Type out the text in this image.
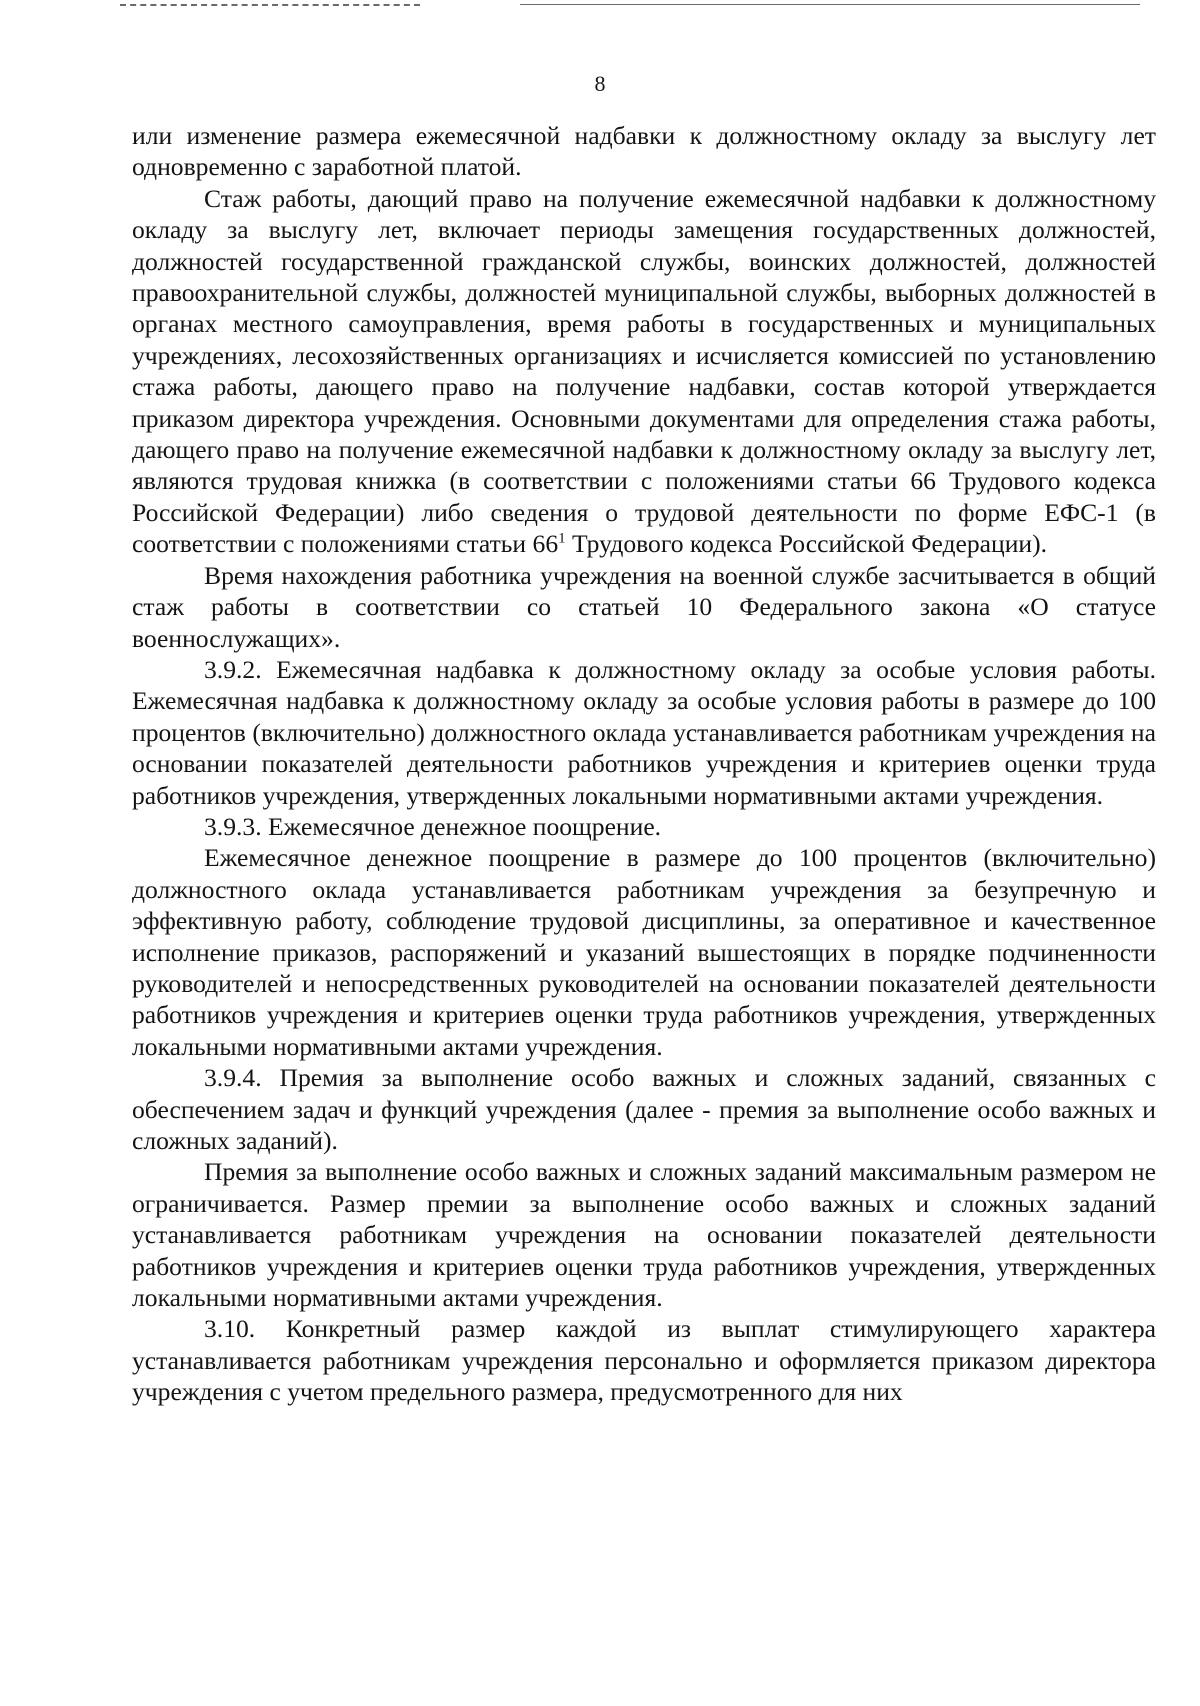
8

или изменение размера ежемесячной надбавки к должностному окладу за выслугу лет одновременно с заработной платой.

Стаж работы, дающий право на получение ежемесячной надбавки к должностному окладу за выслугу лет, включает периоды замещения государственных должностей, должностей государственной гражданской службы, воинских должностей, должностей правоохранительной службы, должностей муниципальной службы, выборных должностей в органах местного самоуправления, время работы в государственных и муниципальных учреждениях, лесохозяйственных организациях и исчисляется комиссией по установлению стажа работы, дающего право на получение надбавки, состав которой утверждается приказом директора учреждения. Основными документами для определения стажа работы, дающего право на получение ежемесячной надбавки к должностному окладу за выслугу лет, являются трудовая книжка (в соответствии с положениями статьи 66 Трудового кодекса Российской Федерации) либо сведения о трудовой деятельности по форме ЕФС-1 (в соответствии с положениями статьи $66^1$ Трудового кодекса Российской Федерации).

Время нахождения работника учреждения на военной службе засчитывается в общий стаж работы в соответствии со статьей 10 Федерального закона «О статусе военнослужащих».

3.9.2. Ежемесячная надбавка к должностному окладу за особые условия работы. Ежемесячная надбавка к должностному окладу за особые условия работы в размере до 100 процентов (включительно) должностного оклада устанавливается работникам учреждения на основании показателей деятельности работников учреждения и критериев оценки труда работников учреждения, утвержденных локальными нормативными актами учреждения.

3.9.3. Ежемесячное денежное поощрение.

Ежемесячное денежное поощрение в размере до 100 процентов (включительно) должностного оклада устанавливается работникам учреждения за безупречную и эффективную работу, соблюдение трудовой дисциплины, за оперативное и качественное исполнение приказов, распоряжений и указаний вышестоящих в порядке подчиненности руководителей и непосредственных руководителей на основании показателей деятельности работников учреждения и критериев оценки труда работников учреждения, утвержденных локальными нормативными актами учреждения.

3.9.4. Премия за выполнение особо важных и сложных заданий, связанных с обеспечением задач и функций учреждения (далее - премия за выполнение особо важных и сложных заданий).

Премия за выполнение особо важных и сложных заданий максимальным размером не ограничивается. Размер премии за выполнение особо важных и сложных заданий устанавливается работникам учреждения на основании показателей деятельности работников учреждения и критериев оценки труда работников учреждения, утвержденных локальными нормативными актами учреждения.

3.10. Конкретный размер каждой из выплат стимулирующего характера устанавливается работникам учреждения персонально и оформляется приказом директора учреждения с учетом предельного размера, предусмотренного для них
